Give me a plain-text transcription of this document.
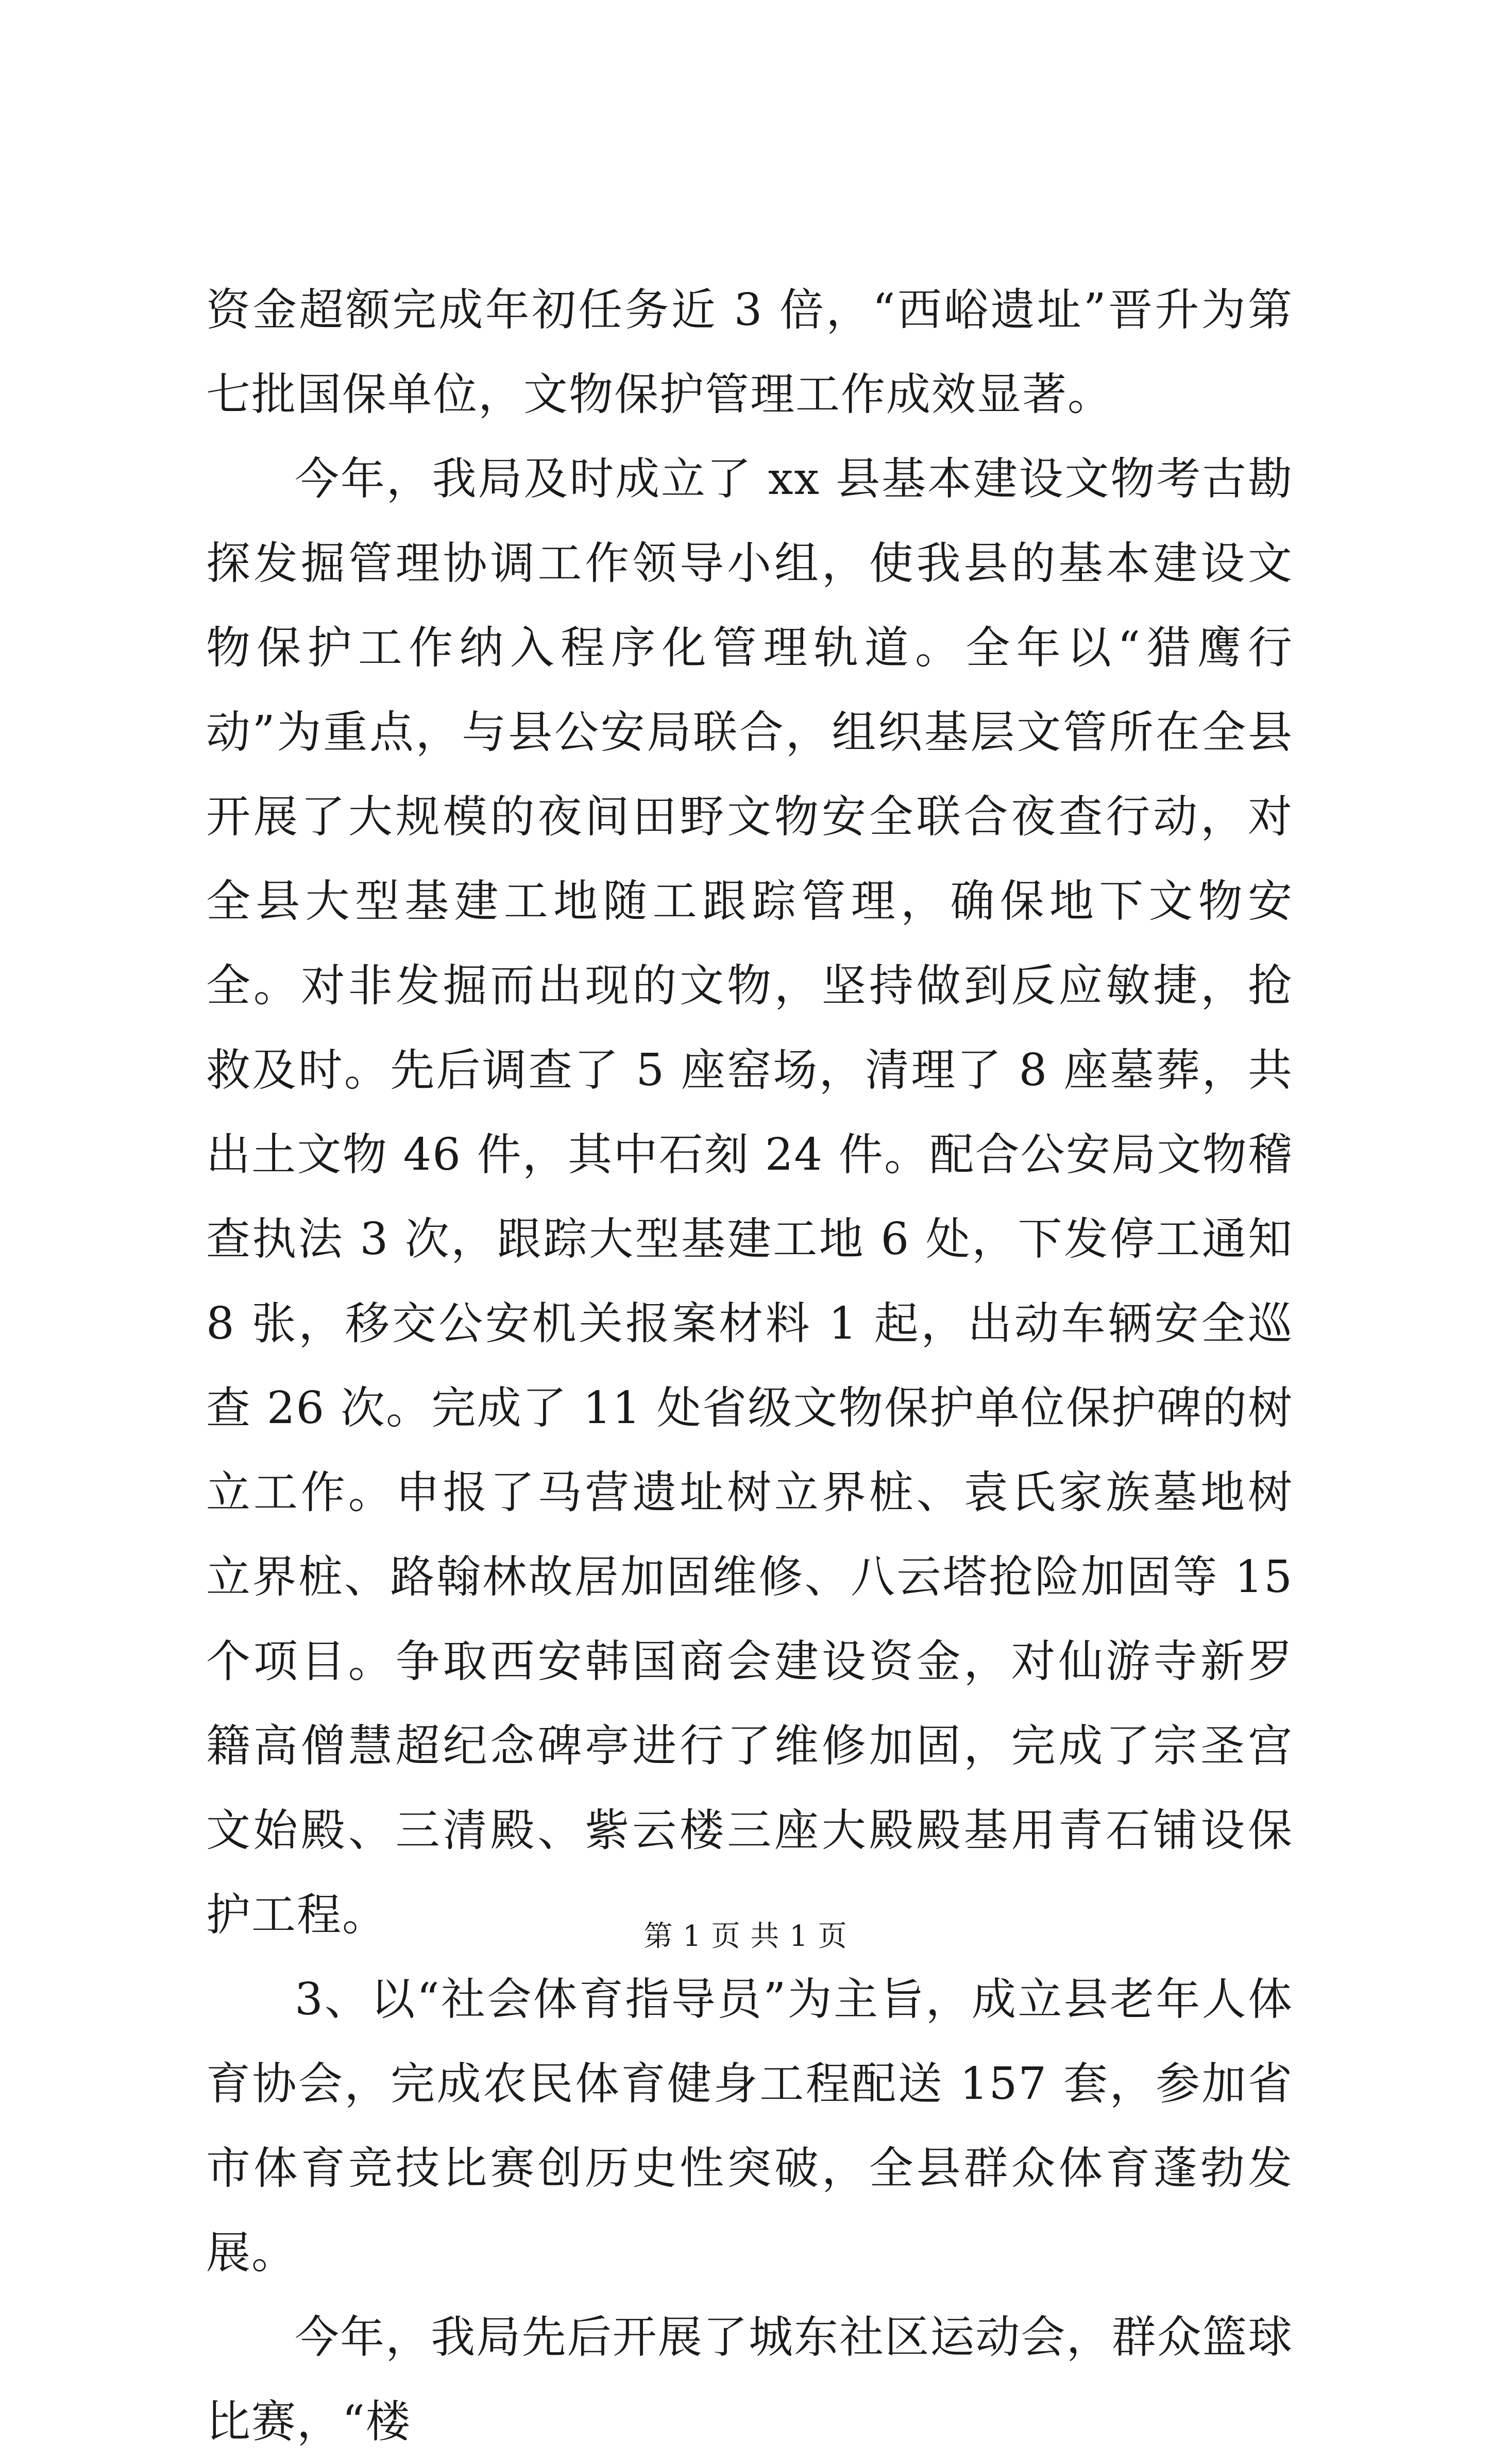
资金超额完成年初任务近 3 倍，“西峪遗址”晋升为第七批国保单位，文物保护管理工作成效显著。

今年，我局及时成立了 xx 县基本建设文物考古勘探发掘管理协调工作领导小组，使我县的基本建设文物保护工作纳入程序化管理轨道。全年以“猎鹰行动”为重点，与县公安局联合，组织基层文管所在全县开展了大规模的夜间田野文物安全联合夜查行动，对全县大型基建工地随工跟踪管理，确保地下文物安全。对非发掘而出现的文物，坚持做到反应敏捷，抢救及时。先后调查了 5 座窑场，清理了 8 座墓葬，共出土文物 46 件，其中石刻 24 件。配合公安局文物稽查执法 3 次，跟踪大型基建工地 6 处，下发停工通知 8 张，移交公安机关报案材料 1 起，出动车辆安全巡查 26 次。完成了 11 处省级文物保护单位保护碑的树立工作。申报了马营遗址树立界桩、袁氏家族墓地树立界桩、路翰林故居加固维修、八云塔抢险加固等 15 个项目。争取西安韩国商会建设资金，对仙游寺新罗籍高僧慧超纪念碑亭进行了维修加固，完成了宗圣宫文始殿、三清殿、紫云楼三座大殿殿基用青石铺设保护工程。

3、以“社会体育指导员”为主旨，成立县老年人体育协会，完成农民体育健身工程配送 157 套，参加省市体育竞技比赛创历史性突破，全县群众体育蓬勃发展。

今年，我局先后开展了城东社区运动会，群众篮球比赛，“楼

第 1 页 共 1 页
